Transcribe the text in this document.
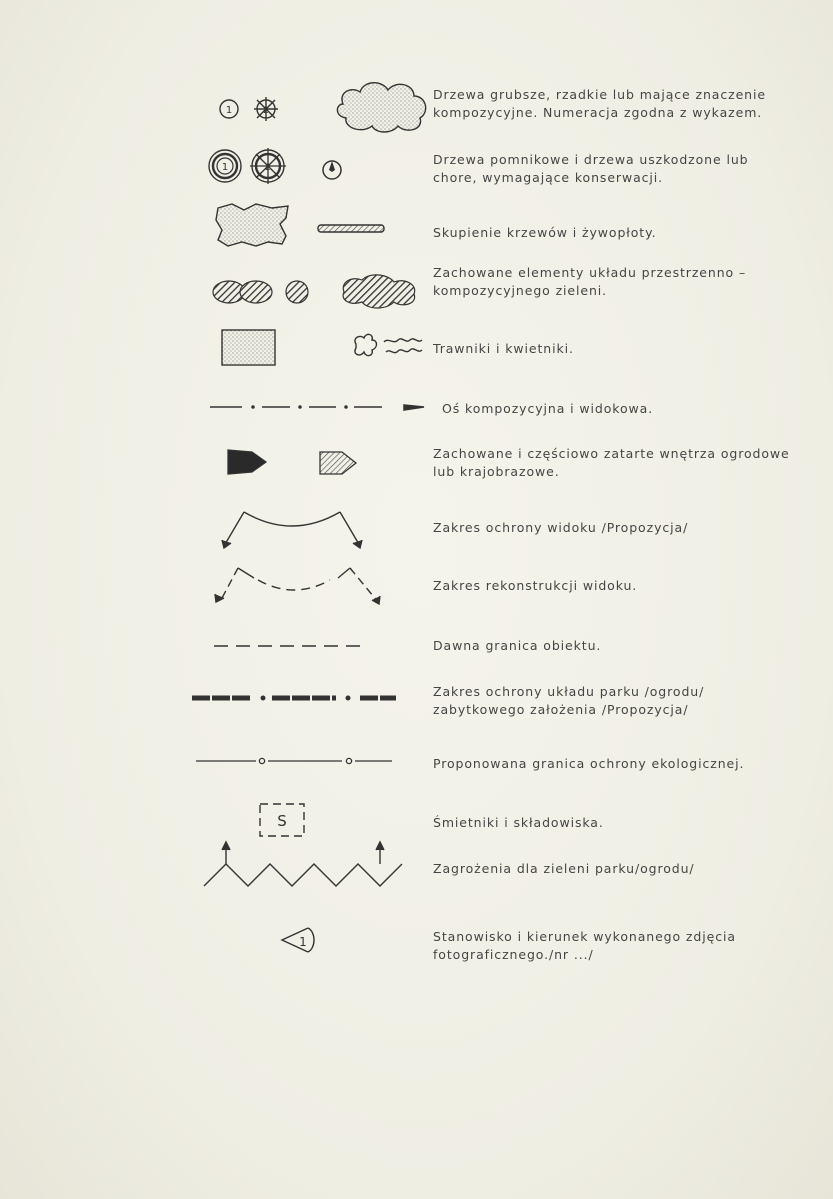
1	2
1	2
S
1
Drzewa grubsze, rzadkie lub mające znaczenie kompozycyjne. Numeracja zgodna z wykazem.
Drzewa pomnikowe i drzewa uszkodzone lub chore, wymagające konserwacji.
Skupienie krzewów i żywopłoty.
Zachowane elementy układu przestrzenno – kompozycyjnego zieleni.
Trawniki i kwietniki.
Oś kompozycyjna i widokowa.
Zachowane i częściowo zatarte wnętrza ogrodowe lub krajobrazowe.
Zakres ochrony widoku /Propozycja/
Zakres rekonstrukcji widoku.
Dawna granica obiektu.
Zakres ochrony układu parku /ogrodu/ zabytkowego założenia /Propozycja/
Proponowana granica ochrony ekologicznej.
Śmietniki i składowiska.
Zagrożenia dla zieleni parku/ogrodu/
Stanowisko i kierunek wykonanego zdjęcia fotograficznego./nr .../
